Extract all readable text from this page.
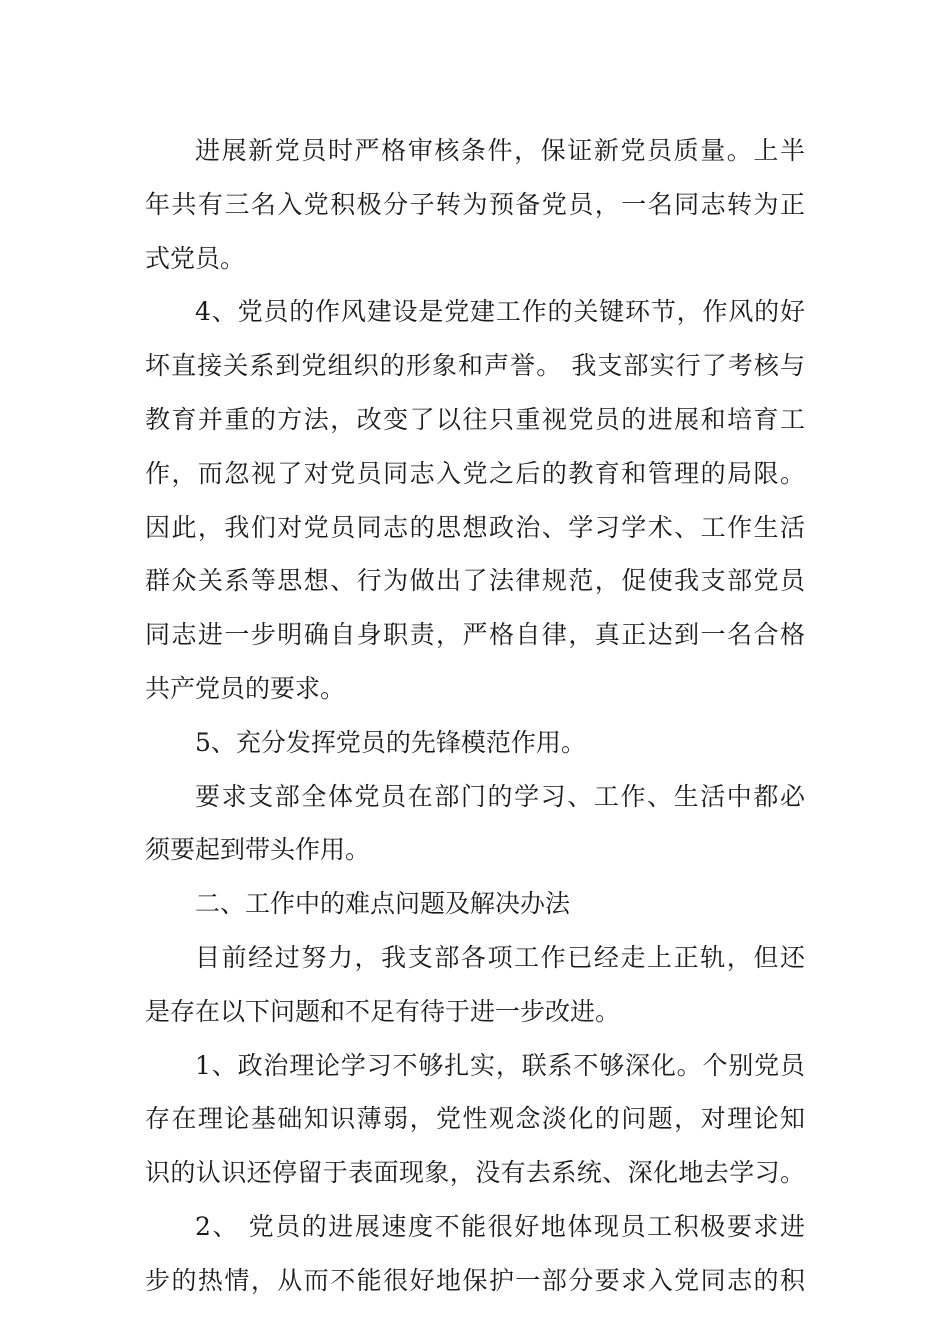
进展新党员时严格审核条件，保证新党员质量。上半
年共有三名入党积极分子转为预备党员，一名同志转为正
式党员。
4、党员的作风建设是党建工作的关键环节，作风的好
坏直接关系到党组织的形象和声誉。 我支部实行了考核与
教育并重的方法，改变了以往只重视党员的进展和培育工
作，而忽视了对党员同志入党之后的教育和管理的局限。
因此，我们对党员同志的思想政治、学习学术、工作生活
群众关系等思想、行为做出了法律规范，促使我支部党员
同志进一步明确自身职责，严格自律，真正达到一名合格
共产党员的要求。
5、充分发挥党员的先锋模范作用。
要求支部全体党员在部门的学习、工作、生活中都必
须要起到带头作用。
二、工作中的难点问题及解决办法
目前经过努力，我支部各项工作已经走上正轨，但还
是存在以下问题和不足有待于进一步改进。
1、政治理论学习不够扎实，联系不够深化。个别党员
存在理论基础知识薄弱，党性观念淡化的问题，对理论知
识的认识还停留于表面现象，没有去系统、深化地去学习。
2、 党员的进展速度不能很好地体现员工积极要求进
步的热情，从而不能很好地保护一部分要求入党同志的积
